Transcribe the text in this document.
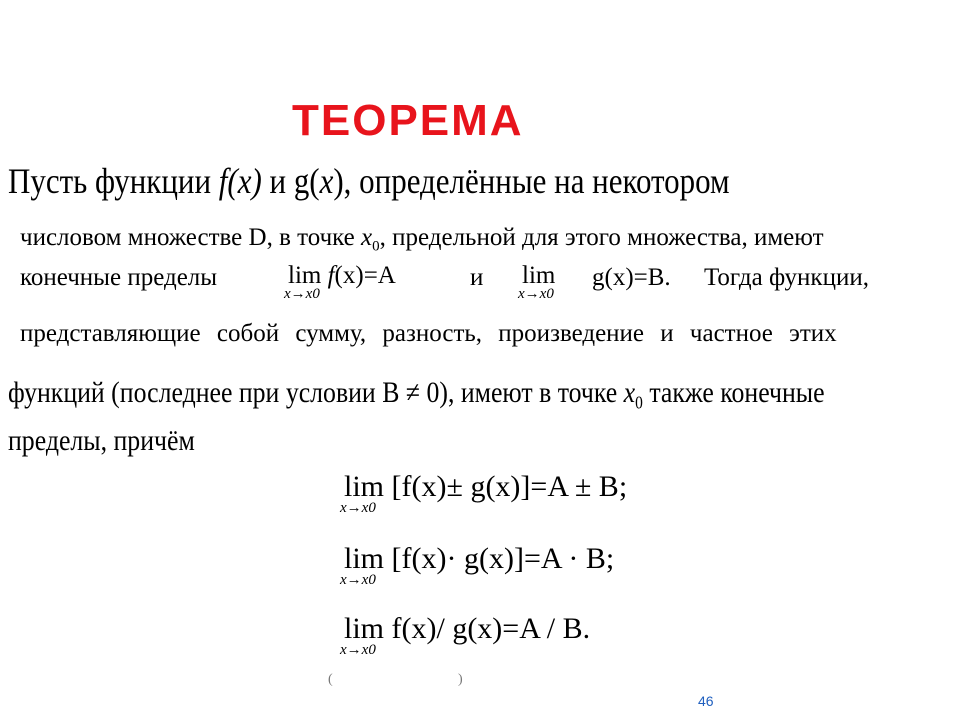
ТЕОРЕМА
Пусть функции f(x) и g(x), определённые на некотором
числовом множестве D, в точке $x_0$, предельной для этого множества, имеют
конечные пределы	lim
x→x0
f(x)=A	и lim
x→x0
g(x)=B. Тогда функции,
представляющие собой сумму, разность, произведение и частное этих
функций (последнее при условии B ≠ 0), имеют в точке $x_0$ также конечные
пределы, причём
lim
x→x0
[f(x)± g(x)]=A ± B;
lim
x→x0
[f(x)· g(x)]=A · B;
lim
x→x0
f(x)/ g(x)=A / B.
(	)
46
